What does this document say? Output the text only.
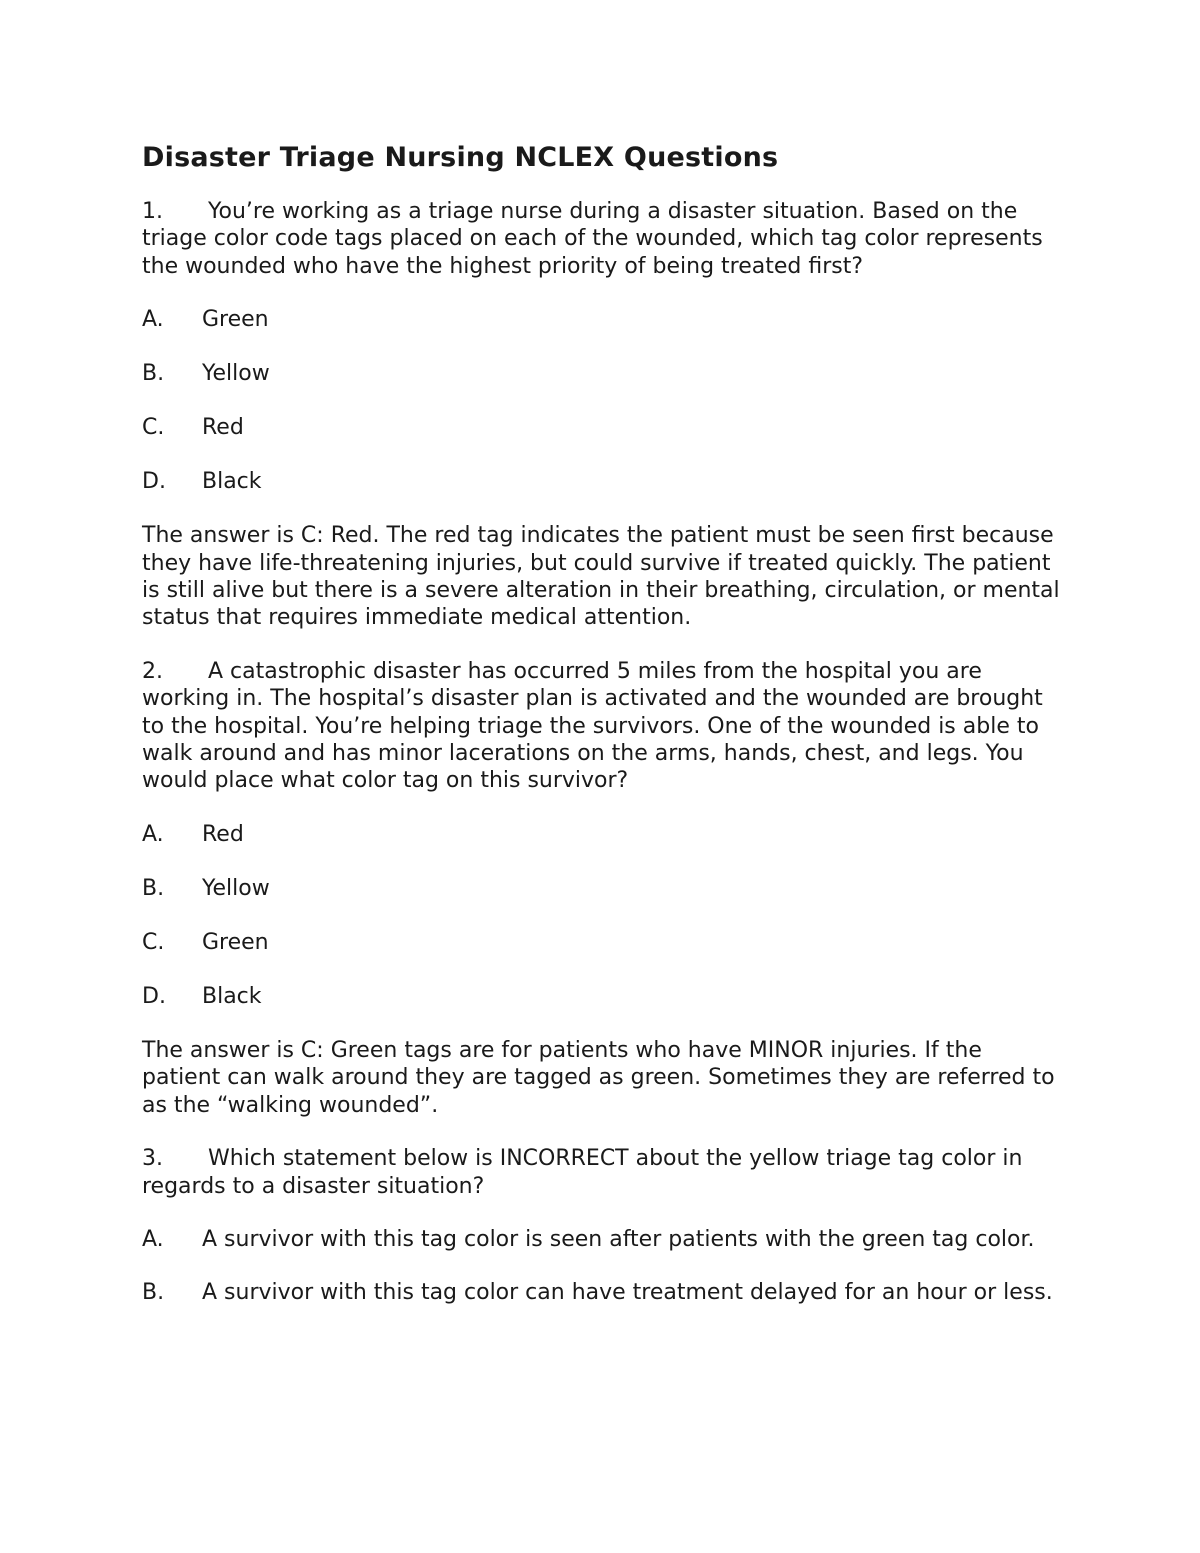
Disaster Triage Nursing NCLEX Questions
1. You’re working as a triage nurse during a disaster situation. Based on the triage color code tags placed on each of the wounded, which tag color represents the wounded who have the highest priority of being treated first?
A. Green
B. Yellow
C. Red
D. Black
The answer is C: Red. The red tag indicates the patient must be seen first because they have life-threatening injuries, but could survive if treated quickly. The patient is still alive but there is a severe alteration in their breathing, circulation, or mental status that requires immediate medical attention.
2. A catastrophic disaster has occurred 5 miles from the hospital you are working in. The hospital’s disaster plan is activated and the wounded are brought to the hospital. You’re helping triage the survivors. One of the wounded is able to walk around and has minor lacerations on the arms, hands, chest, and legs. You would place what color tag on this survivor?
A. Red
B. Yellow
C. Green
D. Black
The answer is C: Green tags are for patients who have MINOR injuries. If the patient can walk around they are tagged as green. Sometimes they are referred to as the “walking wounded”.
3. Which statement below is INCORRECT about the yellow triage tag color in regards to a disaster situation?
A. A survivor with this tag color is seen after patients with the green tag color.
B. A survivor with this tag color can have treatment delayed for an hour or less.
